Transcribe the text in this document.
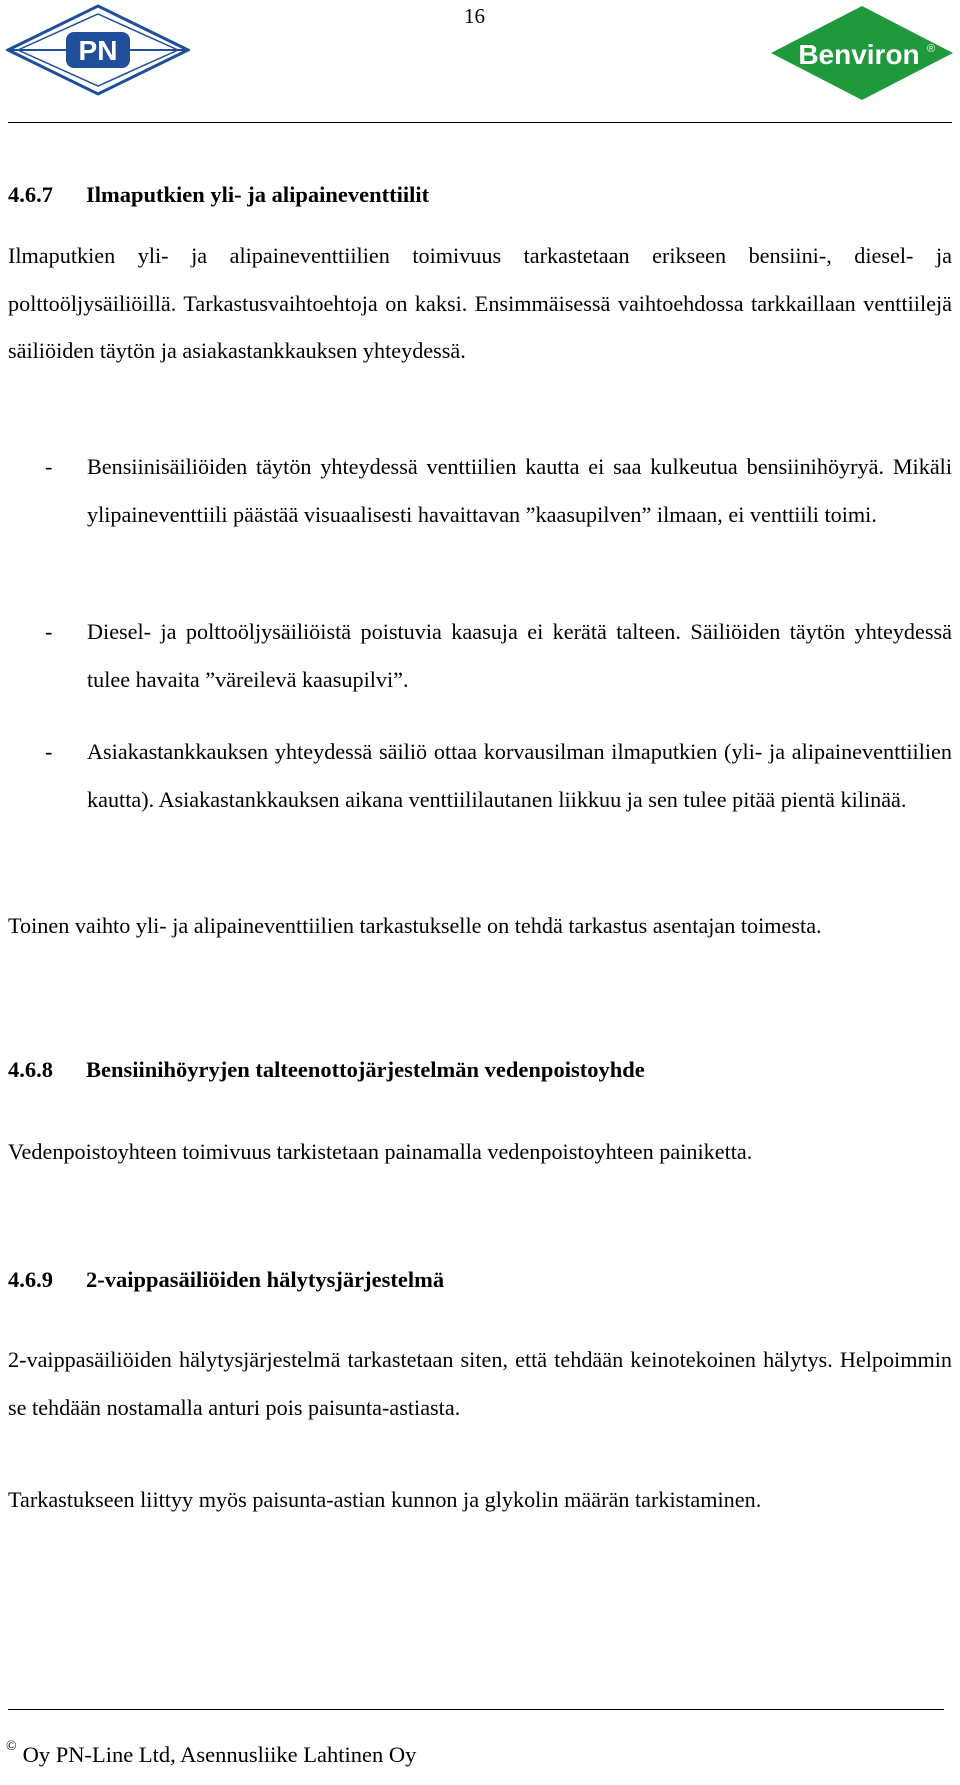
PN
16
Benviron ®
4.6.7 Ilmaputkien yli- ja alipaineventtiilit
Ilmaputkien yli- ja alipaineventtiilien toimivuus tarkastetaan erikseen bensiini-, diesel- ja polttoöljysäiliöillä. Tarkastusvaihtoehtoja on kaksi. Ensimmäisessä vaihtoehdossa tarkkaillaan venttiilejä säiliöiden täytön ja asiakastankkauksen yhteydessä.
- Bensiinisäiliöiden täytön yhteydessä venttiilien kautta ei saa kulkeutua bensiinihöyryä. Mikäli ylipaineventtiili päästää visuaalisesti havaittavan ”kaasupilven” ilmaan, ei venttiili toimi.
- Diesel- ja polttoöljysäiliöistä poistuvia kaasuja ei kerätä talteen. Säiliöiden täytön yhteydessä tulee havaita ”väreilevä kaasupilvi”.
- Asiakastankkauksen yhteydessä säiliö ottaa korvausilman ilmaputkien (yli- ja alipaineventtiilien kautta). Asiakastankkauksen aikana venttiililautanen liikkuu ja sen tulee pitää pientä kilinää.
Toinen vaihto yli- ja alipaineventtiilien tarkastukselle on tehdä tarkastus asentajan toimesta.
4.6.8 Bensiinihöyryjen talteenottojärjestelmän vedenpoistoyhde
Vedenpoistoyhteen toimivuus tarkistetaan painamalla vedenpoistoyhteen painiketta.
4.6.9 2-vaippasäiliöiden hälytysjärjestelmä
2-vaippasäiliöiden hälytysjärjestelmä tarkastetaan siten, että tehdään keinotekoinen hälytys. Helpoimmin se tehdään nostamalla anturi pois paisunta-astiasta.
Tarkastukseen liittyy myös paisunta-astian kunnon ja glykolin määrän tarkistaminen.
© Oy PN-Line Ltd, Asennusliike Lahtinen Oy
